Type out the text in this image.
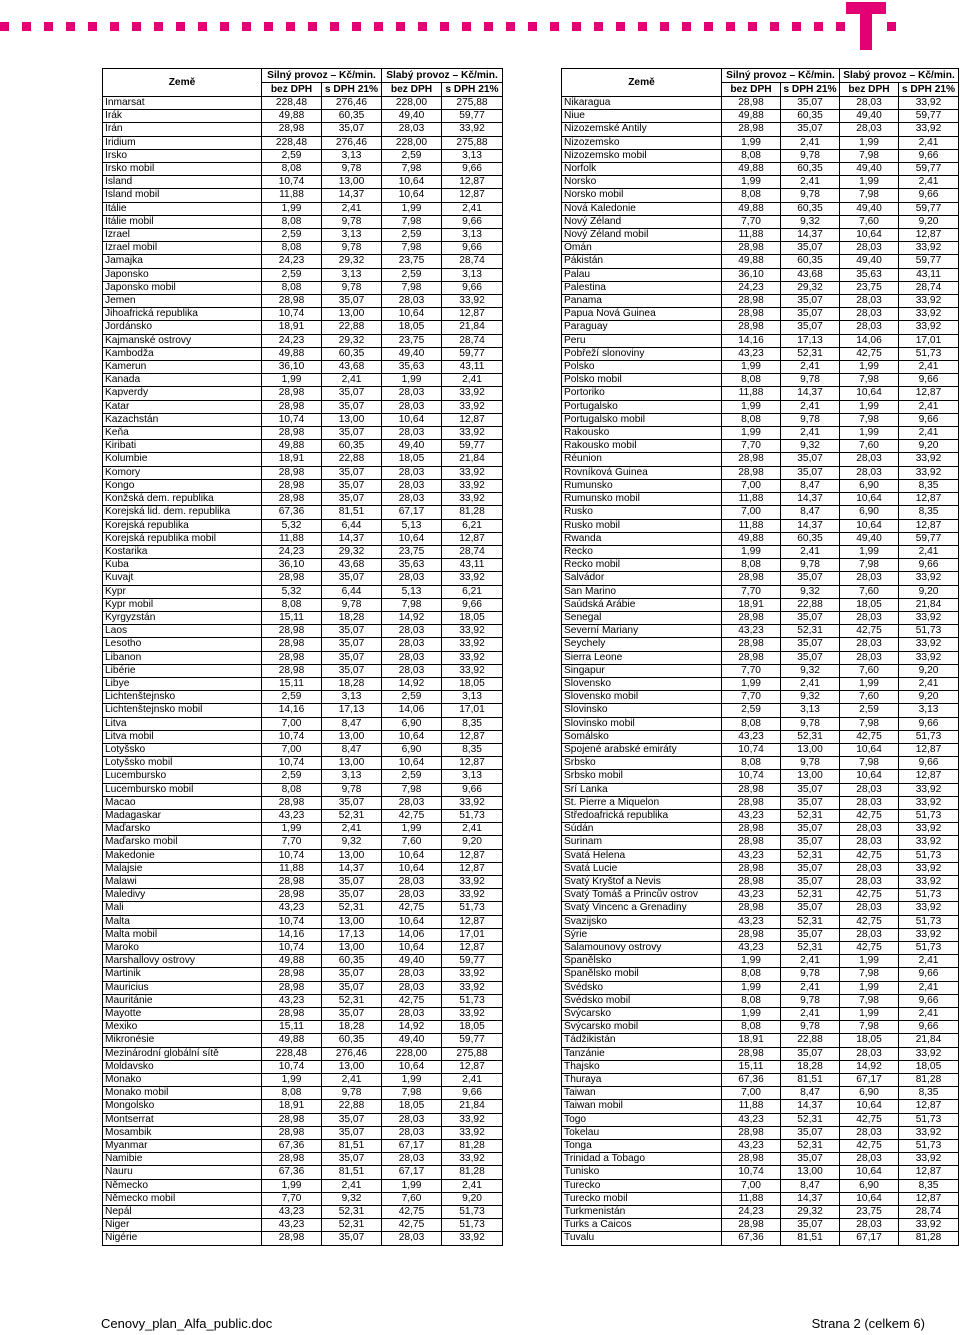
Země	Silný provoz – Kč/min.		Slabý provoz – Kč/min.	
	bez DPH	s DPH 21%	bez DPH	s DPH 21%
Inmarsat	228,48	276,46	228,00	275,88
Irák	49,88	60,35	49,40	59,77
Írán	28,98	35,07	28,03	33,92
Iridium	228,48	276,46	228,00	275,88
Irsko	2,59	3,13	2,59	3,13
Irsko mobil	8,08	9,78	7,98	9,66
Island	10,74	13,00	10,64	12,87
Island mobil	11,88	14,37	10,64	12,87
Itálie	1,99	2,41	1,99	2,41
Itálie mobil	8,08	9,78	7,98	9,66
Izrael	2,59	3,13	2,59	3,13
Izrael mobil	8,08	9,78	7,98	9,66
Jamajka	24,23	29,32	23,75	28,74
Japonsko	2,59	3,13	2,59	3,13
Japonsko mobil	8,08	9,78	7,98	9,66
Jemen	28,98	35,07	28,03	33,92
Jihoafrická republika	10,74	13,00	10,64	12,87
Jordánsko	18,91	22,88	18,05	21,84
Kajmanské ostrovy	24,23	29,32	23,75	28,74
Kambodža	49,88	60,35	49,40	59,77
Kamerun	36,10	43,68	35,63	43,11
Kanada	1,99	2,41	1,99	2,41
Kapverdy	28,98	35,07	28,03	33,92
Katar	28,98	35,07	28,03	33,92
Kazachstán	10,74	13,00	10,64	12,87
Keňa	28,98	35,07	28,03	33,92
Kiribati	49,88	60,35	49,40	59,77
Kolumbie	18,91	22,88	18,05	21,84
Komory	28,98	35,07	28,03	33,92
Kongo	28,98	35,07	28,03	33,92
Konžská dem. republika	28,98	35,07	28,03	33,92
Korejská lid. dem. republika	67,36	81,51	67,17	81,28
Korejská republika	5,32	6,44	5,13	6,21
Korejská republika mobil	11,88	14,37	10,64	12,87
Kostarika	24,23	29,32	23,75	28,74
Kuba	36,10	43,68	35,63	43,11
Kuvajt	28,98	35,07	28,03	33,92
Kypr	5,32	6,44	5,13	6,21
Kypr mobil	8,08	9,78	7,98	9,66
Kyrgyzstán	15,11	18,28	14,92	18,05
Laos	28,98	35,07	28,03	33,92
Lesotho	28,98	35,07	28,03	33,92
Libanon	28,98	35,07	28,03	33,92
Libérie	28,98	35,07	28,03	33,92
Libye	15,11	18,28	14,92	18,05
Lichtenštejnsko	2,59	3,13	2,59	3,13
Lichtenštejnsko mobil	14,16	17,13	14,06	17,01
Litva	7,00	8,47	6,90	8,35
Litva mobil	10,74	13,00	10,64	12,87
Lotyšsko	7,00	8,47	6,90	8,35
Lotyšsko mobil	10,74	13,00	10,64	12,87
Lucembursko	2,59	3,13	2,59	3,13
Lucembursko mobil	8,08	9,78	7,98	9,66
Macao	28,98	35,07	28,03	33,92
Madagaskar	43,23	52,31	42,75	51,73
Maďarsko	1,99	2,41	1,99	2,41
Maďarsko mobil	7,70	9,32	7,60	9,20
Makedonie	10,74	13,00	10,64	12,87
Malajsie	11,88	14,37	10,64	12,87
Malawi	28,98	35,07	28,03	33,92
Maledivy	28,98	35,07	28,03	33,92
Mali	43,23	52,31	42,75	51,73
Malta	10,74	13,00	10,64	12,87
Malta mobil	14,16	17,13	14,06	17,01
Maroko	10,74	13,00	10,64	12,87
Marshallovy ostrovy	49,88	60,35	49,40	59,77
Martinik	28,98	35,07	28,03	33,92
Mauricius	28,98	35,07	28,03	33,92
Mauritánie	43,23	52,31	42,75	51,73
Mayotte	28,98	35,07	28,03	33,92
Mexiko	15,11	18,28	14,92	18,05
Mikronésie	49,88	60,35	49,40	59,77
Mezinárodní globální sítě	228,48	276,46	228,00	275,88
Moldavsko	10,74	13,00	10,64	12,87
Monako	1,99	2,41	1,99	2,41
Monako mobil	8,08	9,78	7,98	9,66
Mongolsko	18,91	22,88	18,05	21,84
Montserrat	28,98	35,07	28,03	33,92
Mosambik	28,98	35,07	28,03	33,92
Myanmar	67,36	81,51	67,17	81,28
Namibie	28,98	35,07	28,03	33,92
Nauru	67,36	81,51	67,17	81,28
Německo	1,99	2,41	1,99	2,41
Německo mobil	7,70	9,32	7,60	9,20
Nepál	43,23	52,31	42,75	51,73
Niger	43,23	52,31	42,75	51,73
Nigérie	28,98	35,07	28,03	33,92
Země	Silný provoz – Kč/min.		Slabý provoz – Kč/min.	
	bez DPH	s DPH 21%	bez DPH	s DPH 21%
Nikaragua	28,98	35,07	28,03	33,92
Niue	49,88	60,35	49,40	59,77
Nizozemské Antily	28,98	35,07	28,03	33,92
Nizozemsko	1,99	2,41	1,99	2,41
Nizozemsko mobil	8,08	9,78	7,98	9,66
Norfolk	49,88	60,35	49,40	59,77
Norsko	1,99	2,41	1,99	2,41
Norsko mobil	8,08	9,78	7,98	9,66
Nová Kaledonie	49,88	60,35	49,40	59,77
Nový Zéland	7,70	9,32	7,60	9,20
Nový Zéland mobil	11,88	14,37	10,64	12,87
Omán	28,98	35,07	28,03	33,92
Pákistán	49,88	60,35	49,40	59,77
Palau	36,10	43,68	35,63	43,11
Palestina	24,23	29,32	23,75	28,74
Panama	28,98	35,07	28,03	33,92
Papua Nová Guinea	28,98	35,07	28,03	33,92
Paraguay	28,98	35,07	28,03	33,92
Peru	14,16	17,13	14,06	17,01
Pobřeží slonoviny	43,23	52,31	42,75	51,73
Polsko	1,99	2,41	1,99	2,41
Polsko mobil	8,08	9,78	7,98	9,66
Portoriko	11,88	14,37	10,64	12,87
Portugalsko	1,99	2,41	1,99	2,41
Portugalsko mobil	8,08	9,78	7,98	9,66
Rakousko	1,99	2,41	1,99	2,41
Rakousko mobil	7,70	9,32	7,60	9,20
Réunion	28,98	35,07	28,03	33,92
Rovníková Guinea	28,98	35,07	28,03	33,92
Rumunsko	7,00	8,47	6,90	8,35
Rumunsko mobil	11,88	14,37	10,64	12,87
Rusko	7,00	8,47	6,90	8,35
Rusko mobil	11,88	14,37	10,64	12,87
Rwanda	49,88	60,35	49,40	59,77
Řecko	1,99	2,41	1,99	2,41
Řecko mobil	8,08	9,78	7,98	9,66
Salvádor	28,98	35,07	28,03	33,92
San Marino	7,70	9,32	7,60	9,20
Saúdská Arábie	18,91	22,88	18,05	21,84
Senegal	28,98	35,07	28,03	33,92
Severní Mariany	43,23	52,31	42,75	51,73
Seychely	28,98	35,07	28,03	33,92
Sierra Leone	28,98	35,07	28,03	33,92
Singapur	7,70	9,32	7,60	9,20
Slovensko	1,99	2,41	1,99	2,41
Slovensko mobil	7,70	9,32	7,60	9,20
Slovinsko	2,59	3,13	2,59	3,13
Slovinsko mobil	8,08	9,78	7,98	9,66
Somálsko	43,23	52,31	42,75	51,73
Spojené arabské emiráty	10,74	13,00	10,64	12,87
Srbsko	8,08	9,78	7,98	9,66
Srbsko mobil	10,74	13,00	10,64	12,87
Srí Lanka	28,98	35,07	28,03	33,92
St. Pierre a Miquelon	28,98	35,07	28,03	33,92
Středoafrická republika	43,23	52,31	42,75	51,73
Súdán	28,98	35,07	28,03	33,92
Surinam	28,98	35,07	28,03	33,92
Svatá Helena	43,23	52,31	42,75	51,73
Svatá Lucie	28,98	35,07	28,03	33,92
Svatý Kryštof a Nevis	28,98	35,07	28,03	33,92
Svatý Tomáš a Princův ostrov	43,23	52,31	42,75	51,73
Svatý Vincenc a Grenadiny	28,98	35,07	28,03	33,92
Svazijsko	43,23	52,31	42,75	51,73
Sýrie	28,98	35,07	28,03	33,92
Šalamounovy ostrovy	43,23	52,31	42,75	51,73
Španělsko	1,99	2,41	1,99	2,41
Španělsko mobil	8,08	9,78	7,98	9,66
Švédsko	1,99	2,41	1,99	2,41
Švédsko mobil	8,08	9,78	7,98	9,66
Švýcarsko	1,99	2,41	1,99	2,41
Švýcarsko mobil	8,08	9,78	7,98	9,66
Tádžikistán	18,91	22,88	18,05	21,84
Tanzánie	28,98	35,07	28,03	33,92
Thajsko	15,11	18,28	14,92	18,05
Thuraya	67,36	81,51	67,17	81,28
Taiwan	7,00	8,47	6,90	8,35
Taiwan mobil	11,88	14,37	10,64	12,87
Togo	43,23	52,31	42,75	51,73
Tokelau	28,98	35,07	28,03	33,92
Tonga	43,23	52,31	42,75	51,73
Trinidad a Tobago	28,98	35,07	28,03	33,92
Tunisko	10,74	13,00	10,64	12,87
Turecko	7,00	8,47	6,90	8,35
Turecko mobil	11,88	14,37	10,64	12,87
Turkmenistán	24,23	29,32	23,75	28,74
Turks a Caicos	28,98	35,07	28,03	33,92
Tuvalu	67,36	81,51	67,17	81,28
Cenovy_plan_Alfa_public.doc	Strana 2 (celkem 6)
